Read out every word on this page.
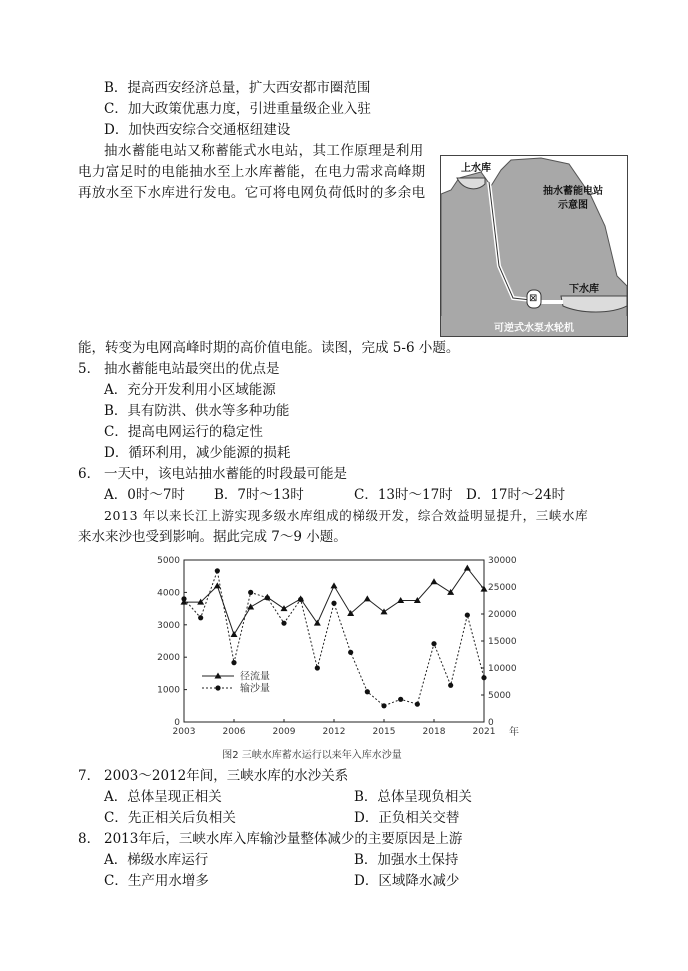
B．提高西安经济总量，扩大西安都市圈范围
C．加大政策优惠力度，引进重量级企业入驻
D．加快西安综合交通枢纽建设
抽水蓄能电站又称蓄能式水电站，其工作原理是利用
电力富足时的电能抽水至上水库蓄能，在电力需求高峰期
再放水至下水库进行发电。它可将电网负荷低时的多余电
上水库
抽水蓄能电站
示意图
下水库
⊠
可逆式水泵水轮机
能，转变为电网高峰时期的高价值电能。读图，完成 5-6 小题。
5． 抽水蓄能电站最突出的优点是
A．充分开发利用小区域能源
B．具有防洪、供水等多种功能
C．提高电网运行的稳定性
D．循环利用，减少能源的损耗
6． 一天中，该电站抽水蓄能的时段最可能是
A．0时～7时 B．7时～13时	C．13时～17时 D．17时～24时
2013 年以来长江上游实现多级水库组成的梯级开发，综合效益明显提升，三峡水库
来水来沙也受到影响。据此完成 7～9 小题。
0
1000
2000
3000
4000
5000
0
5000
10000
15000
20000
25000
30000
2003	2006	2009	2012	2015	2018	2021 年
径流量
输沙量
图2 三峡水库蓄水运行以来年入库水沙量
7． 2003～2012年间，三峡水库的水沙关系
A．总体呈现正相关	B．总体呈现负相关
C．先正相关后负相关	D．正负相关交替
8． 2013年后，三峡水库入库输沙量整体减少的主要原因是上游
A．梯级水库运行	B．加强水土保持
C．生产用水增多	D．区域降水减少
